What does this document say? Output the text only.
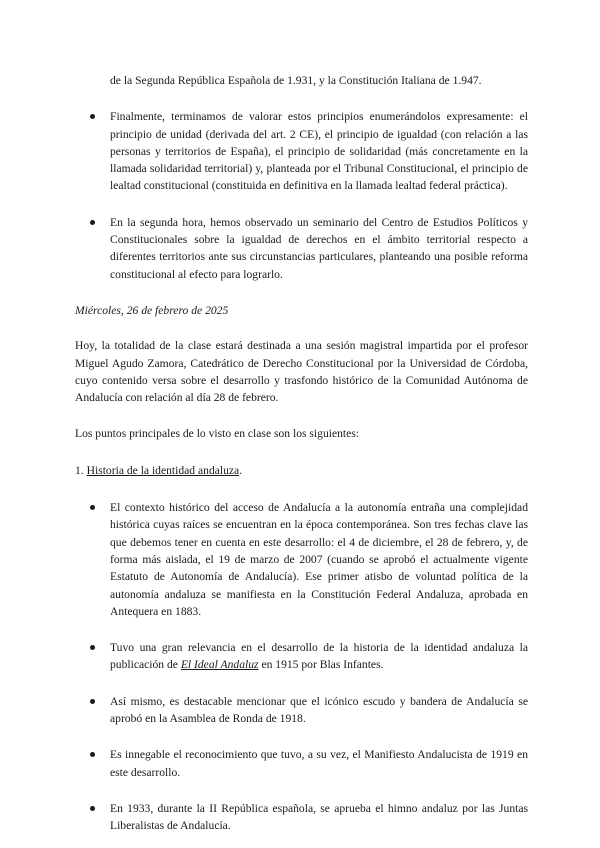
de la Segunda República Española de 1.931, y la Constitución Italiana de 1.947.

Finalmente, terminamos de valorar estos principios enumerándolos expresamente: el principio de unidad (derivada del art. 2 CE), el principio de igualdad (con relación a las personas y territorios de España), el principio de solidaridad (más concretamente en la llamada solidaridad territorial) y, planteada por el Tribunal Constitucional, el principio de lealtad constitucional (constituida en definitiva en la llamada lealtad federal práctica).
En la segunda hora, hemos observado un seminario del Centro de Estudios Políticos y Constitucionales sobre la igualdad de derechos en el ámbito territorial respecto a diferentes territorios ante sus circunstancias particulares, planteando una posible reforma constitucional al efecto para lograrlo.

Miércoles, 26 de febrero de 2025

Hoy, la totalidad de la clase estará destinada a una sesión magistral impartida por el profesor Miguel Agudo Zamora, Catedrático de Derecho Constitucional por la Universidad de Córdoba, cuyo contenido versa sobre el desarrollo y trasfondo histórico de la Comunidad Autónoma de Andalucía con relación al día 28 de febrero.

Los puntos principales de lo visto en clase son los siguientes:

1. Historia de la identidad andaluza.

El contexto histórico del acceso de Andalucía a la autonomía entraña una complejidad histórica cuyas raíces se encuentran en la época contemporánea. Son tres fechas clave las que debemos tener en cuenta en este desarrollo: el 4 de diciembre, el 28 de febrero, y, de forma más aislada, el 19 de marzo de 2007 (cuando se aprobó el actualmente vigente Estatuto de Autonomía de Andalucía). Ese primer atisbo de voluntad política de la autonomía andaluza se manifiesta en la Constitución Federal Andaluza, aprobada en Antequera en 1883.
Tuvo una gran relevancia en el desarrollo de la historia de la identidad andaluza la publicación de El Ideal Andaluz en 1915 por Blas Infantes.
Así mismo, es destacable mencionar que el icónico escudo y bandera de Andalucía se aprobó en la Asamblea de Ronda de 1918.
Es innegable el reconocimiento que tuvo, a su vez, el Manifiesto Andalucista de 1919 en este desarrollo.
En 1933, durante la II República española, se aprueba el himno andaluz por las Juntas Liberalistas de Andalucía.
